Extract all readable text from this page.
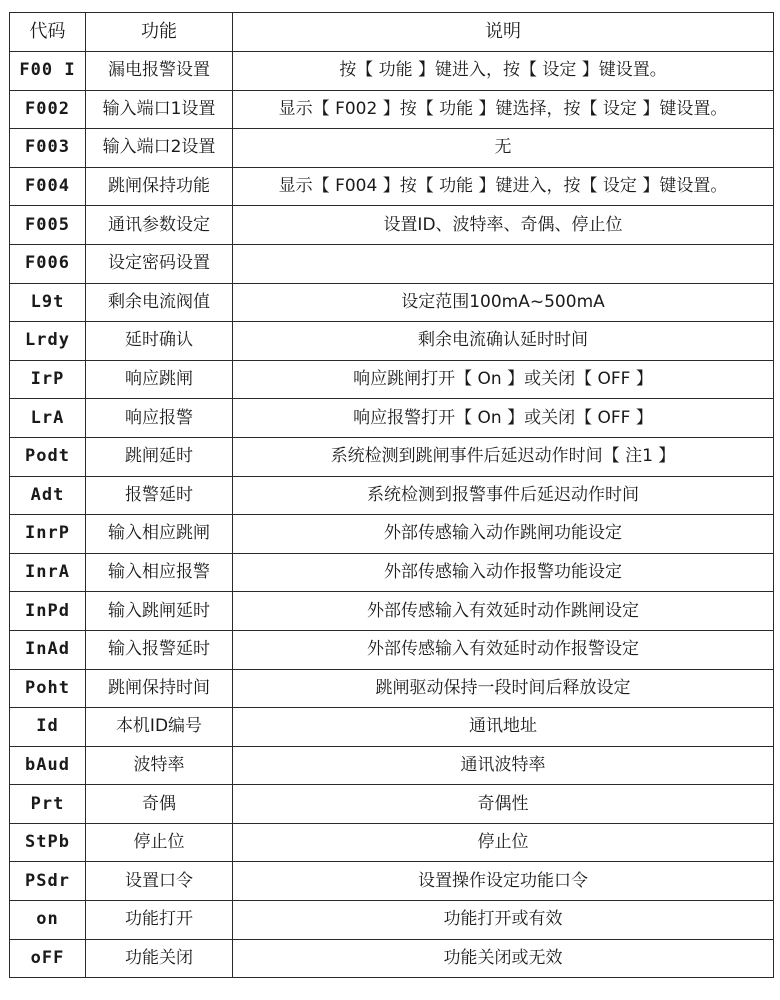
代码	功能	说明
F00 I	漏电报警设置	按【 功能 】键进入，按【 设定 】键设置。
F002	输入端口1设置	显示【 F002 】按【 功能 】键选择，按【 设定 】键设置。
F003	输入端口2设置	无
F004	跳闸保持功能	显示【 F004 】按【 功能 】键进入，按【 设定 】键设置。
F005	通讯参数设定	设置ID、波特率、奇偶、停止位
F006	设定密码设置	
L9t	剩余电流阀值	设定范围100mA~500mA
Lrdy	延时确认	剩余电流确认延时时间
IrP	响应跳闸	响应跳闸打开【 On 】或关闭【 OFF 】
LrA	响应报警	响应报警打开【 On 】或关闭【 OFF 】
Podt	跳闸延时	系统检测到跳闸事件后延迟动作时间【 注1 】
Adt	报警延时	系统检测到报警事件后延迟动作时间
InrP	输入相应跳闸	外部传感输入动作跳闸功能设定
InrA	输入相应报警	外部传感输入动作报警功能设定
InPd	输入跳闸延时	外部传感输入有效延时动作跳闸设定
InAd	输入报警延时	外部传感输入有效延时动作报警设定
Poht	跳闸保持时间	跳闸驱动保持一段时间后释放设定
Id	本机ID编号	通讯地址
bAud	波特率	通讯波特率
Prt	奇偶	奇偶性
StPb	停止位	停止位
PSdr	设置口令	设置操作设定功能口令
on	功能打开	功能打开或有效
oFF	功能关闭	功能关闭或无效
